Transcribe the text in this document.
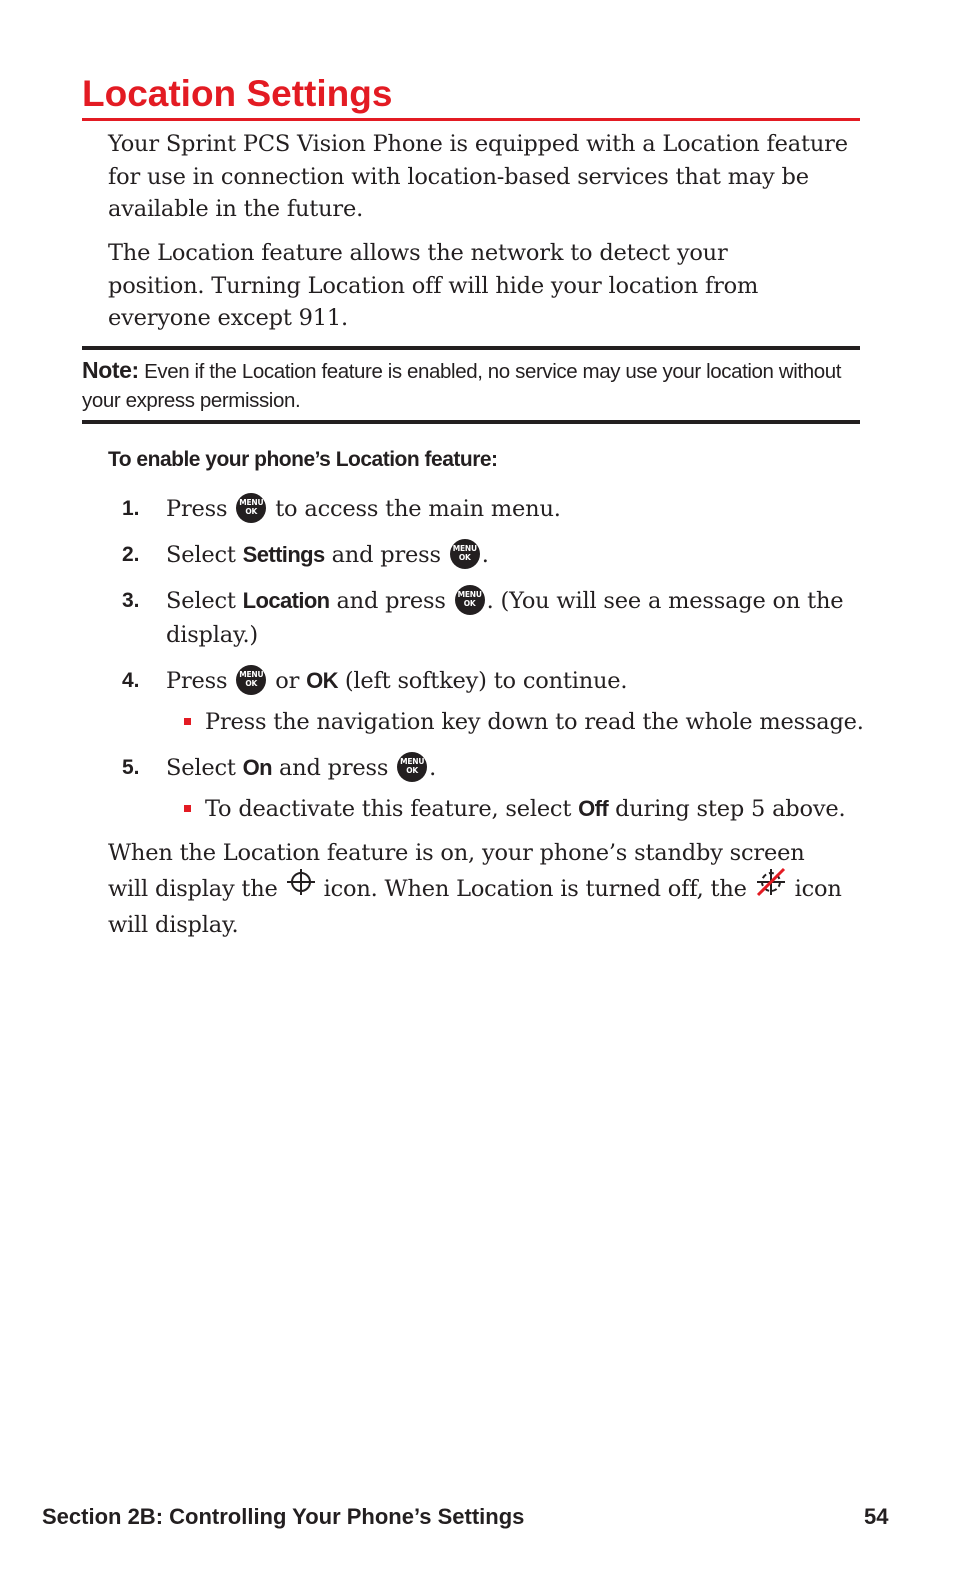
Location Settings
Your Sprint PCS Vision Phone is equipped with a Location feature for use in connection with location-based services that may be available in the future.
The Location feature allows the network to detect your position. Turning Location off will hide your location from everyone except 911.
Note: Even if the Location feature is enabled, no service may use your location without your express permission.
To enable your phone’s Location feature:
1. Press	MENU
OK to access the main menu.
2. Select Settings and press	MENU
OK .
3. Select Location and press	MENU
OK . (You will see a message on the display.)
4. Press	MENU
OK or OK (left softkey) to continue.
Press the navigation key down to read the whole message.
5. Select On and press	MENU
OK .
To deactivate this feature, select Off during step 5 above.
When the Location feature is on, your phone’s standby screen will display the icon. When Location is turned off, the icon will display.
Section 2B: Controlling Your Phone’s Settings	54
